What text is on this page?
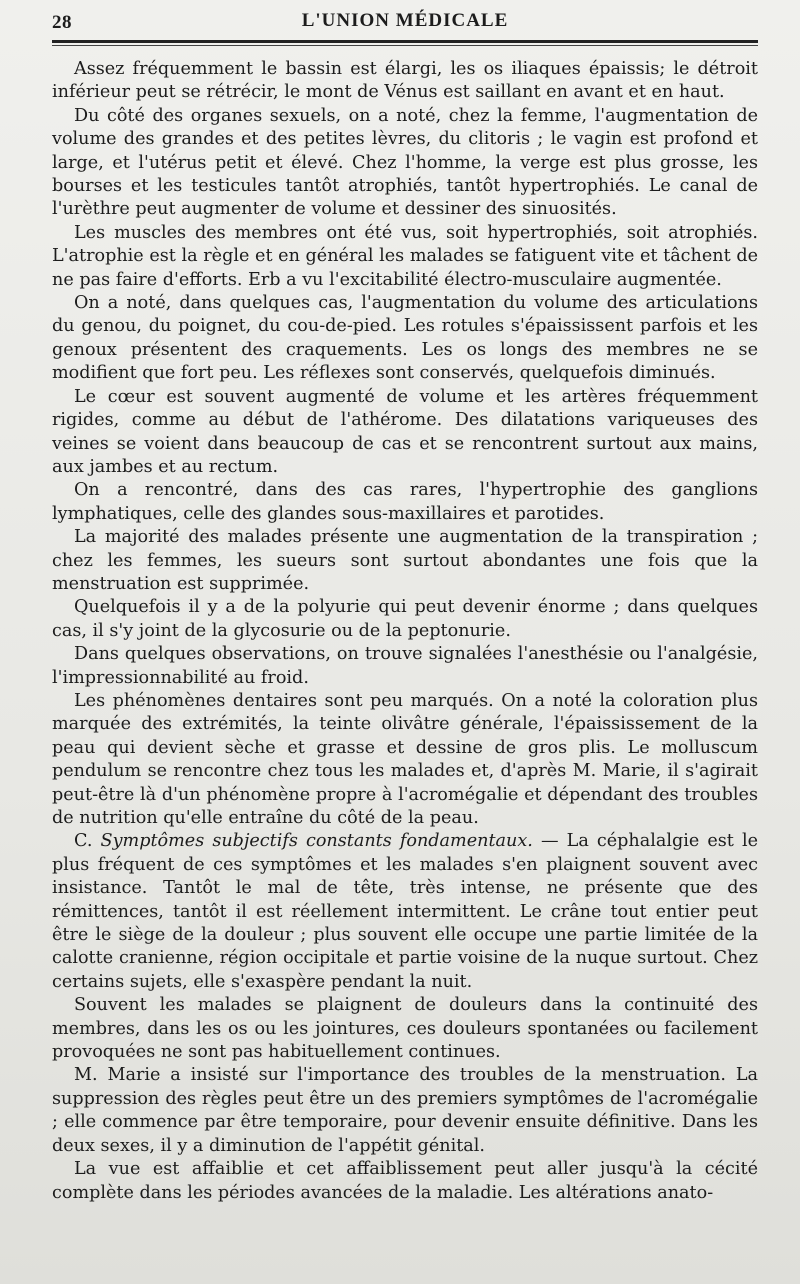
28	L'UNION MÉDICALE

Assez fréquemment le bassin est élargi, les os iliaques épaissis; le détroit inférieur peut se rétrécir, le mont de Vénus est saillant en avant et en haut.

Du côté des organes sexuels, on a noté, chez la femme, l'augmentation de volume des grandes et des petites lèvres, du clitoris ; le vagin est profond et large, et l'utérus petit et élevé. Chez l'homme, la verge est plus grosse, les bourses et les testicules tantôt atrophiés, tantôt hypertrophiés. Le canal de l'urèthre peut augmenter de volume et dessiner des sinuosités.

Les muscles des membres ont été vus, soit hypertrophiés, soit atrophiés. L'atrophie est la règle et en général les malades se fatiguent vite et tâchent de ne pas faire d'efforts. Erb a vu l'excitabilité électro-musculaire augmentée.

On a noté, dans quelques cas, l'augmentation du volume des articulations du genou, du poignet, du cou-de-pied. Les rotules s'épaississent parfois et les genoux présentent des craquements. Les os longs des membres ne se modifient que fort peu. Les réflexes sont conservés, quelquefois diminués.

Le cœur est souvent augmenté de volume et les artères fréquemment rigides, comme au début de l'athérome. Des dilatations variqueuses des veines se voient dans beaucoup de cas et se rencontrent surtout aux mains, aux jambes et au rectum.

On a rencontré, dans des cas rares, l'hypertrophie des ganglions lymphatiques, celle des glandes sous-maxillaires et parotides.

La majorité des malades présente une augmentation de la transpiration ; chez les femmes, les sueurs sont surtout abondantes une fois que la menstruation est supprimée.

Quelquefois il y a de la polyurie qui peut devenir énorme ; dans quelques cas, il s'y joint de la glycosurie ou de la peptonurie.

Dans quelques observations, on trouve signalées l'anesthésie ou l'analgésie, l'impressionnabilité au froid.

Les phénomènes dentaires sont peu marqués. On a noté la coloration plus marquée des extrémités, la teinte olivâtre générale, l'épaississement de la peau qui devient sèche et grasse et dessine de gros plis. Le molluscum pendulum se rencontre chez tous les malades et, d'après M. Marie, il s'agirait peut-être là d'un phénomène propre à l'acromégalie et dépendant des troubles de nutrition qu'elle entraîne du côté de la peau.

C. Symptômes subjectifs constants fondamentaux. — La céphalalgie est le plus fréquent de ces symptômes et les malades s'en plaignent souvent avec insistance. Tantôt le mal de tête, très intense, ne présente que des rémittences, tantôt il est réellement intermittent. Le crâne tout entier peut être le siège de la douleur ; plus souvent elle occupe une partie limitée de la calotte cranienne, région occipitale et partie voisine de la nuque surtout. Chez certains sujets, elle s'exaspère pendant la nuit.

Souvent les malades se plaignent de douleurs dans la continuité des membres, dans les os ou les jointures, ces douleurs spontanées ou facilement provoquées ne sont pas habituellement continues.

M. Marie a insisté sur l'importance des troubles de la menstruation. La suppression des règles peut être un des premiers symptômes de l'acromégalie ; elle commence par être temporaire, pour devenir ensuite définitive. Dans les deux sexes, il y a diminution de l'appétit génital.

La vue est affaiblie et cet affaiblissement peut aller jusqu'à la cécité complète dans les périodes avancées de la maladie. Les altérations anato-
